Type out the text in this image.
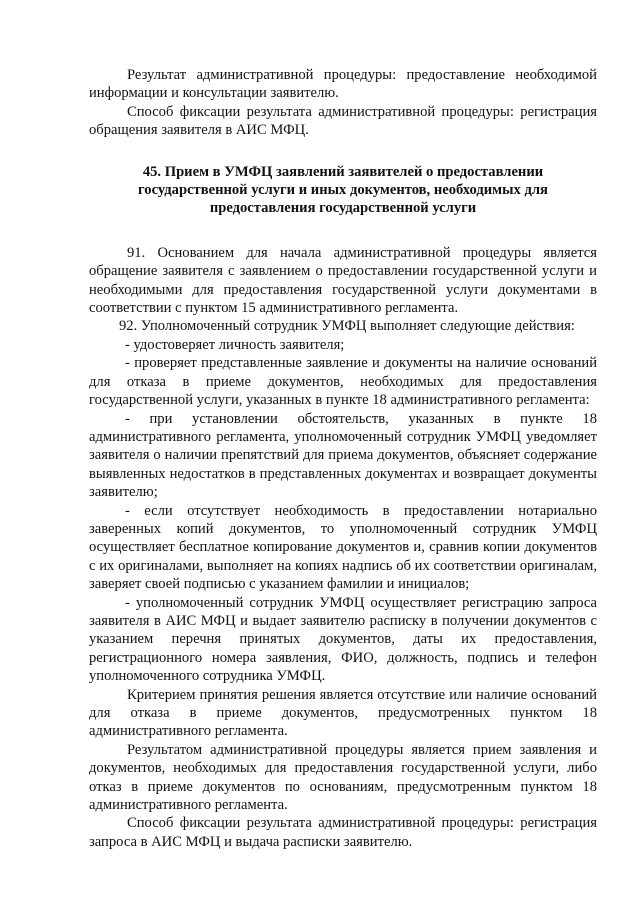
Результат административной процедуры: предоставление необходимой информации и консультации заявителю.

Способ фиксации результата административной процедуры: регистрация обращения заявителя в АИС МФЦ.

45. Прием в УМФЦ заявлений заявителей о предоставлении государственной услуги и иных документов, необходимых для предоставления государственной услуги

91. Основанием для начала административной процедуры является обращение заявителя с заявлением о предоставлении государственной услуги и необходимыми для предоставления государственной услуги документами в соответствии с пунктом 15 административного регламента.

92. Уполномоченный сотрудник УМФЦ выполняет следующие действия:

- удостоверяет личность заявителя;

- проверяет представленные заявление и документы на наличие оснований для отказа в приеме документов, необходимых для предоставления государственной услуги, указанных в пункте 18 административного регламента:

- при установлении обстоятельств, указанных в пункте 18 административного регламента, уполномоченный сотрудник УМФЦ уведомляет заявителя о наличии препятствий для приема документов, объясняет содержание выявленных недостатков в представленных документах и возвращает документы заявителю;

- если отсутствует необходимость в предоставлении нотариально заверенных копий документов, то уполномоченный сотрудник УМФЦ осуществляет бесплатное копирование документов и, сравнив копии документов с их оригиналами, выполняет на копиях надпись об их соответствии оригиналам, заверяет своей подписью с указанием фамилии и инициалов;

- уполномоченный сотрудник УМФЦ осуществляет регистрацию запроса заявителя в АИС МФЦ и выдает заявителю расписку в получении документов с указанием перечня принятых документов, даты их предоставления, регистрационного номера заявления, ФИО, должность, подпись и телефон уполномоченного сотрудника УМФЦ.

Критерием принятия решения является отсутствие или наличие оснований для отказа в приеме документов, предусмотренных пунктом 18 административного регламента.

Результатом административной процедуры является прием заявления и документов, необходимых для предоставления государственной услуги, либо отказ в приеме документов по основаниям, предусмотренным пунктом 18 административного регламента.

Способ фиксации результата административной процедуры: регистрация запроса в АИС МФЦ и выдача расписки заявителю.
